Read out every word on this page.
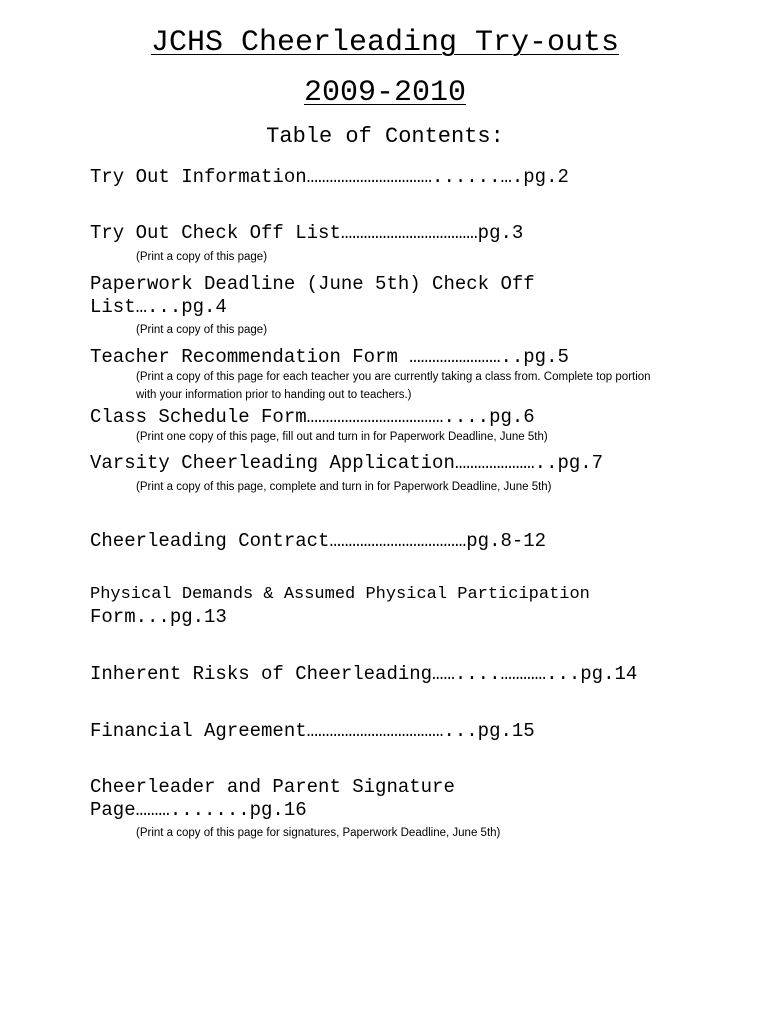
JCHS Cheerleading Try-outs
2009-2010
Table of Contents:
Try Out Information……………………………......….pg.2
Try Out Check Off List………………………………pg.3
(Print a copy of this page)
Paperwork Deadline (June 5th) Check Off
List…...pg.4
(Print a copy of this page)
Teacher Recommendation Form ……………………..pg.5
(Print a copy of this page for each teacher you are currently taking a class from. Complete top portion
with your information prior to handing out to teachers.)
Class Schedule Form………………………………....pg.6
(Print one copy of this page, fill out and turn in for Paperwork Deadline, June 5th)
Varsity Cheerleading Application…………………..pg.7
(Print a copy of this page, complete and turn in for Paperwork Deadline, June 5th)
Cheerleading Contract………………………………pg.8-12
Physical Demands & Assumed Physical Participation
Form...pg.13
Inherent Risks of Cheerleading……....…………...pg.14
Financial Agreement………………………………...pg.15
Cheerleader and Parent Signature
Page……….......pg.16
(Print a copy of this page for signatures, Paperwork Deadline, June 5th)
